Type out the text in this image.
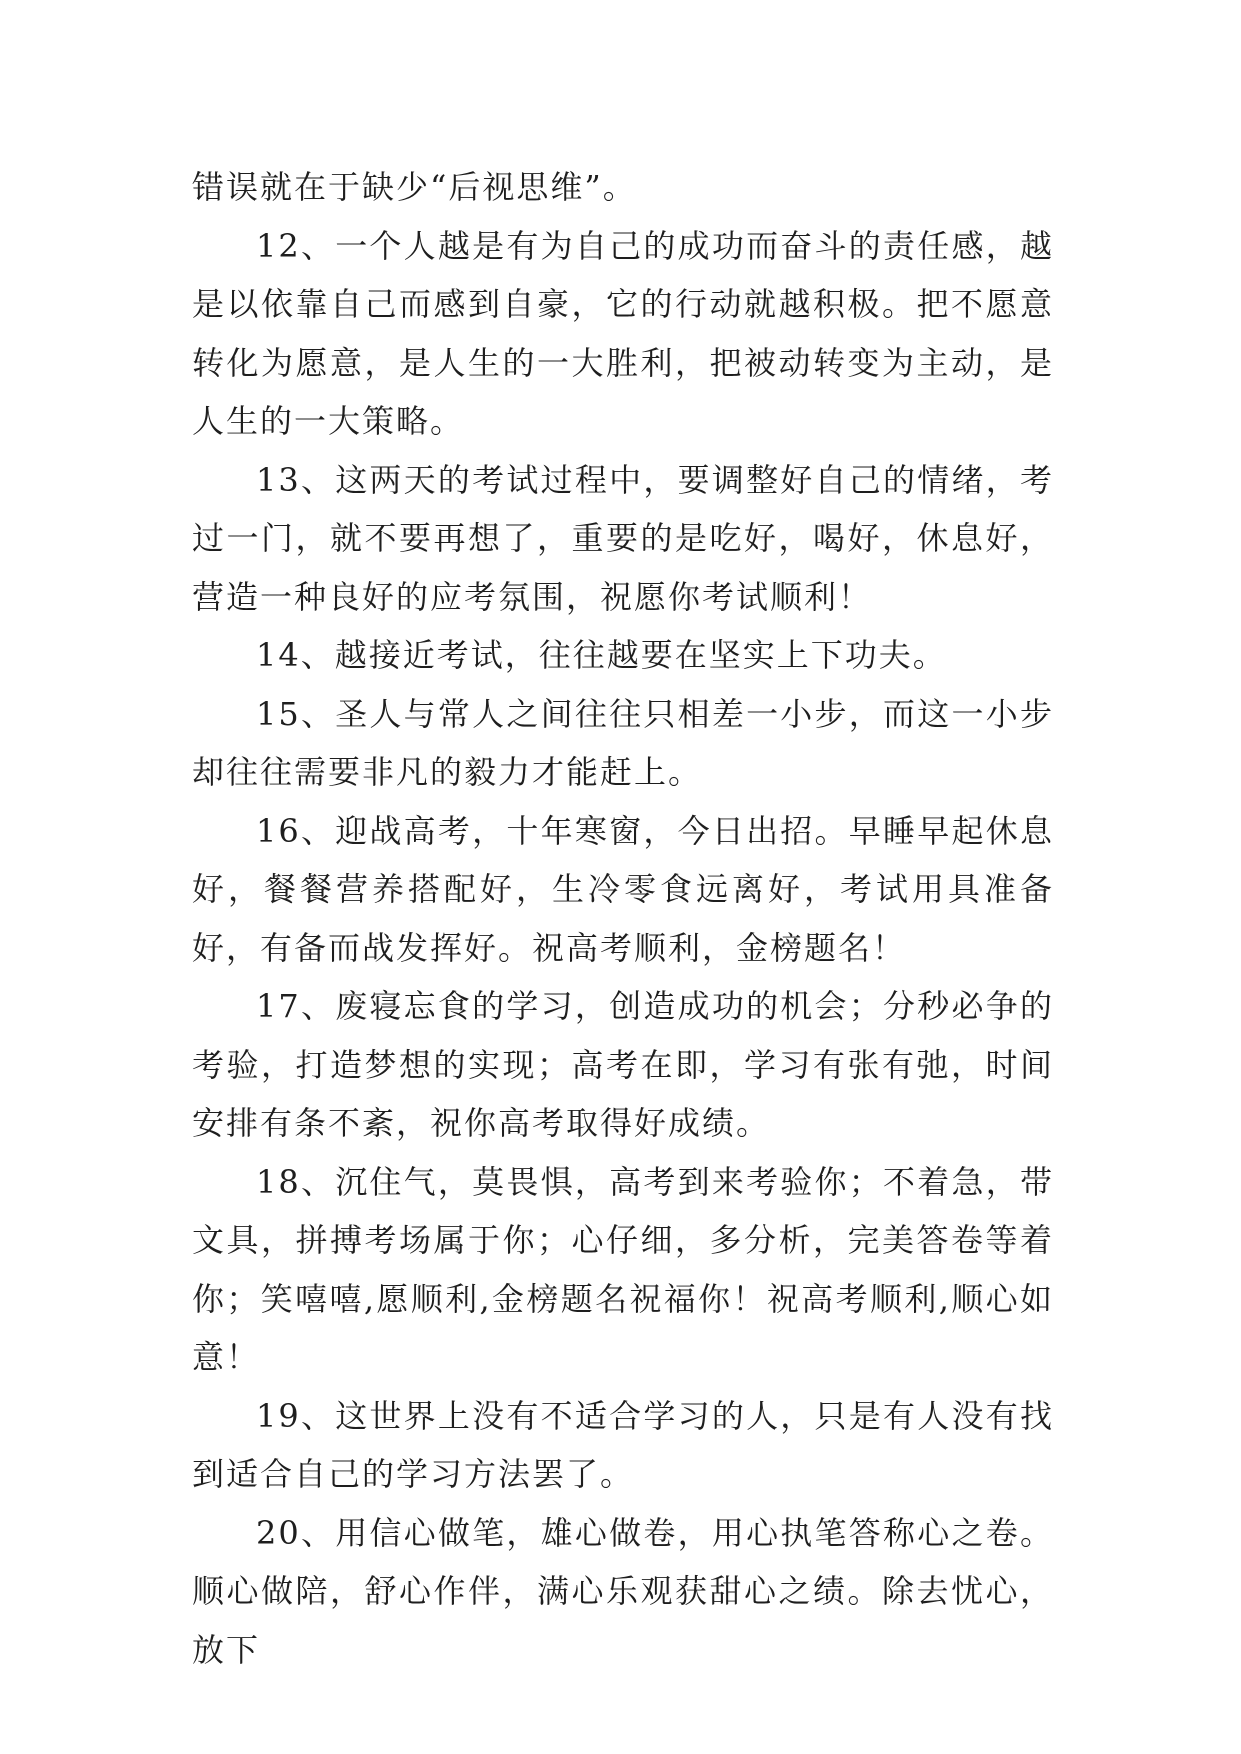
错误就在于缺少“后视思维”。

12、一个人越是有为自己的成功而奋斗的责任感，越是以依靠自己而感到自豪，它的行动就越积极。把不愿意转化为愿意，是人生的一大胜利，把被动转变为主动，是人生的一大策略。

13、这两天的考试过程中，要调整好自己的情绪，考过一门，就不要再想了，重要的是吃好，喝好，休息好，营造一种良好的应考氛围，祝愿你考试顺利！

14、越接近考试，往往越要在坚实上下功夫。

15、圣人与常人之间往往只相差一小步，而这一小步却往往需要非凡的毅力才能赶上。

16、迎战高考，十年寒窗，今日出招。早睡早起休息好，餐餐营养搭配好，生冷零食远离好，考试用具准备好，有备而战发挥好。祝高考顺利，金榜题名！

17、废寝忘食的学习，创造成功的机会；分秒必争的考验，打造梦想的实现；高考在即，学习有张有弛，时间安排有条不紊，祝你高考取得好成绩。

18、沉住气，莫畏惧，高考到来考验你；不着急，带文具，拼搏考场属于你；心仔细，多分析，完美答卷等着你；笑嘻嘻,愿顺利,金榜题名祝福你！祝高考顺利,顺心如意！

19、这世界上没有不适合学习的人，只是有人没有找到适合自己的学习方法罢了。

20、用信心做笔，雄心做卷，用心执笔答称心之卷。顺心做陪，舒心作伴，满心乐观获甜心之绩。除去忧心，放下
